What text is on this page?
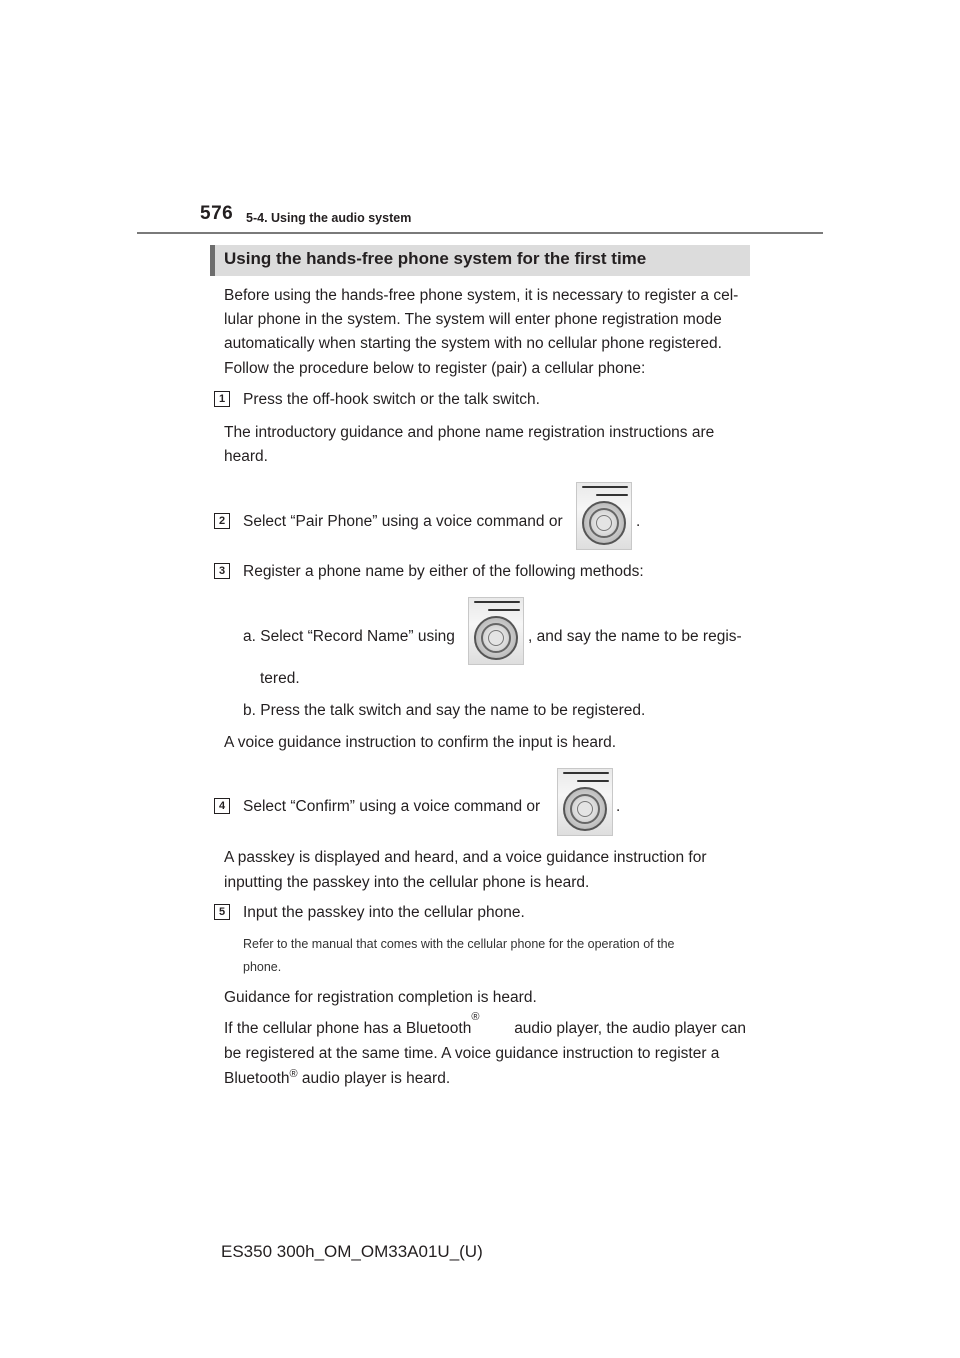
576 5-4. Using the audio system
Using the hands-free phone system for the first time
Before using the hands-free phone system, it is necessary to register a cel-
lular phone in the system. The system will enter phone registration mode
automatically when starting the system with no cellular phone registered.
Follow the procedure below to register (pair) a cellular phone:
1	Press the off-hook switch or the talk switch.
The introductory guidance and phone name registration instructions are
heard.
2	Select “Pair Phone” using a voice command or	.
3	Register a phone name by either of the following methods:
a. Select “Record Name” using	, and say the name to be regis-
tered.
b. Press the talk switch and say the name to be registered.
A voice guidance instruction to confirm the input is heard.
4	Select “Confirm” using a voice command or	.
A passkey is displayed and heard, and a voice guidance instruction for
inputting the passkey into the cellular phone is heard.
5	Input the passkey into the cellular phone.
Refer to the manual that comes with the cellular phone for the operation of the
phone.
Guidance for registration completion is heard.
If the cellular phone has a Bluetooth
®
audio player, the audio player can
be registered at the same time. A voice guidance instruction to register a
Bluetooth® audio player is heard.
ES350 300h_OM_OM33A01U_(U)
